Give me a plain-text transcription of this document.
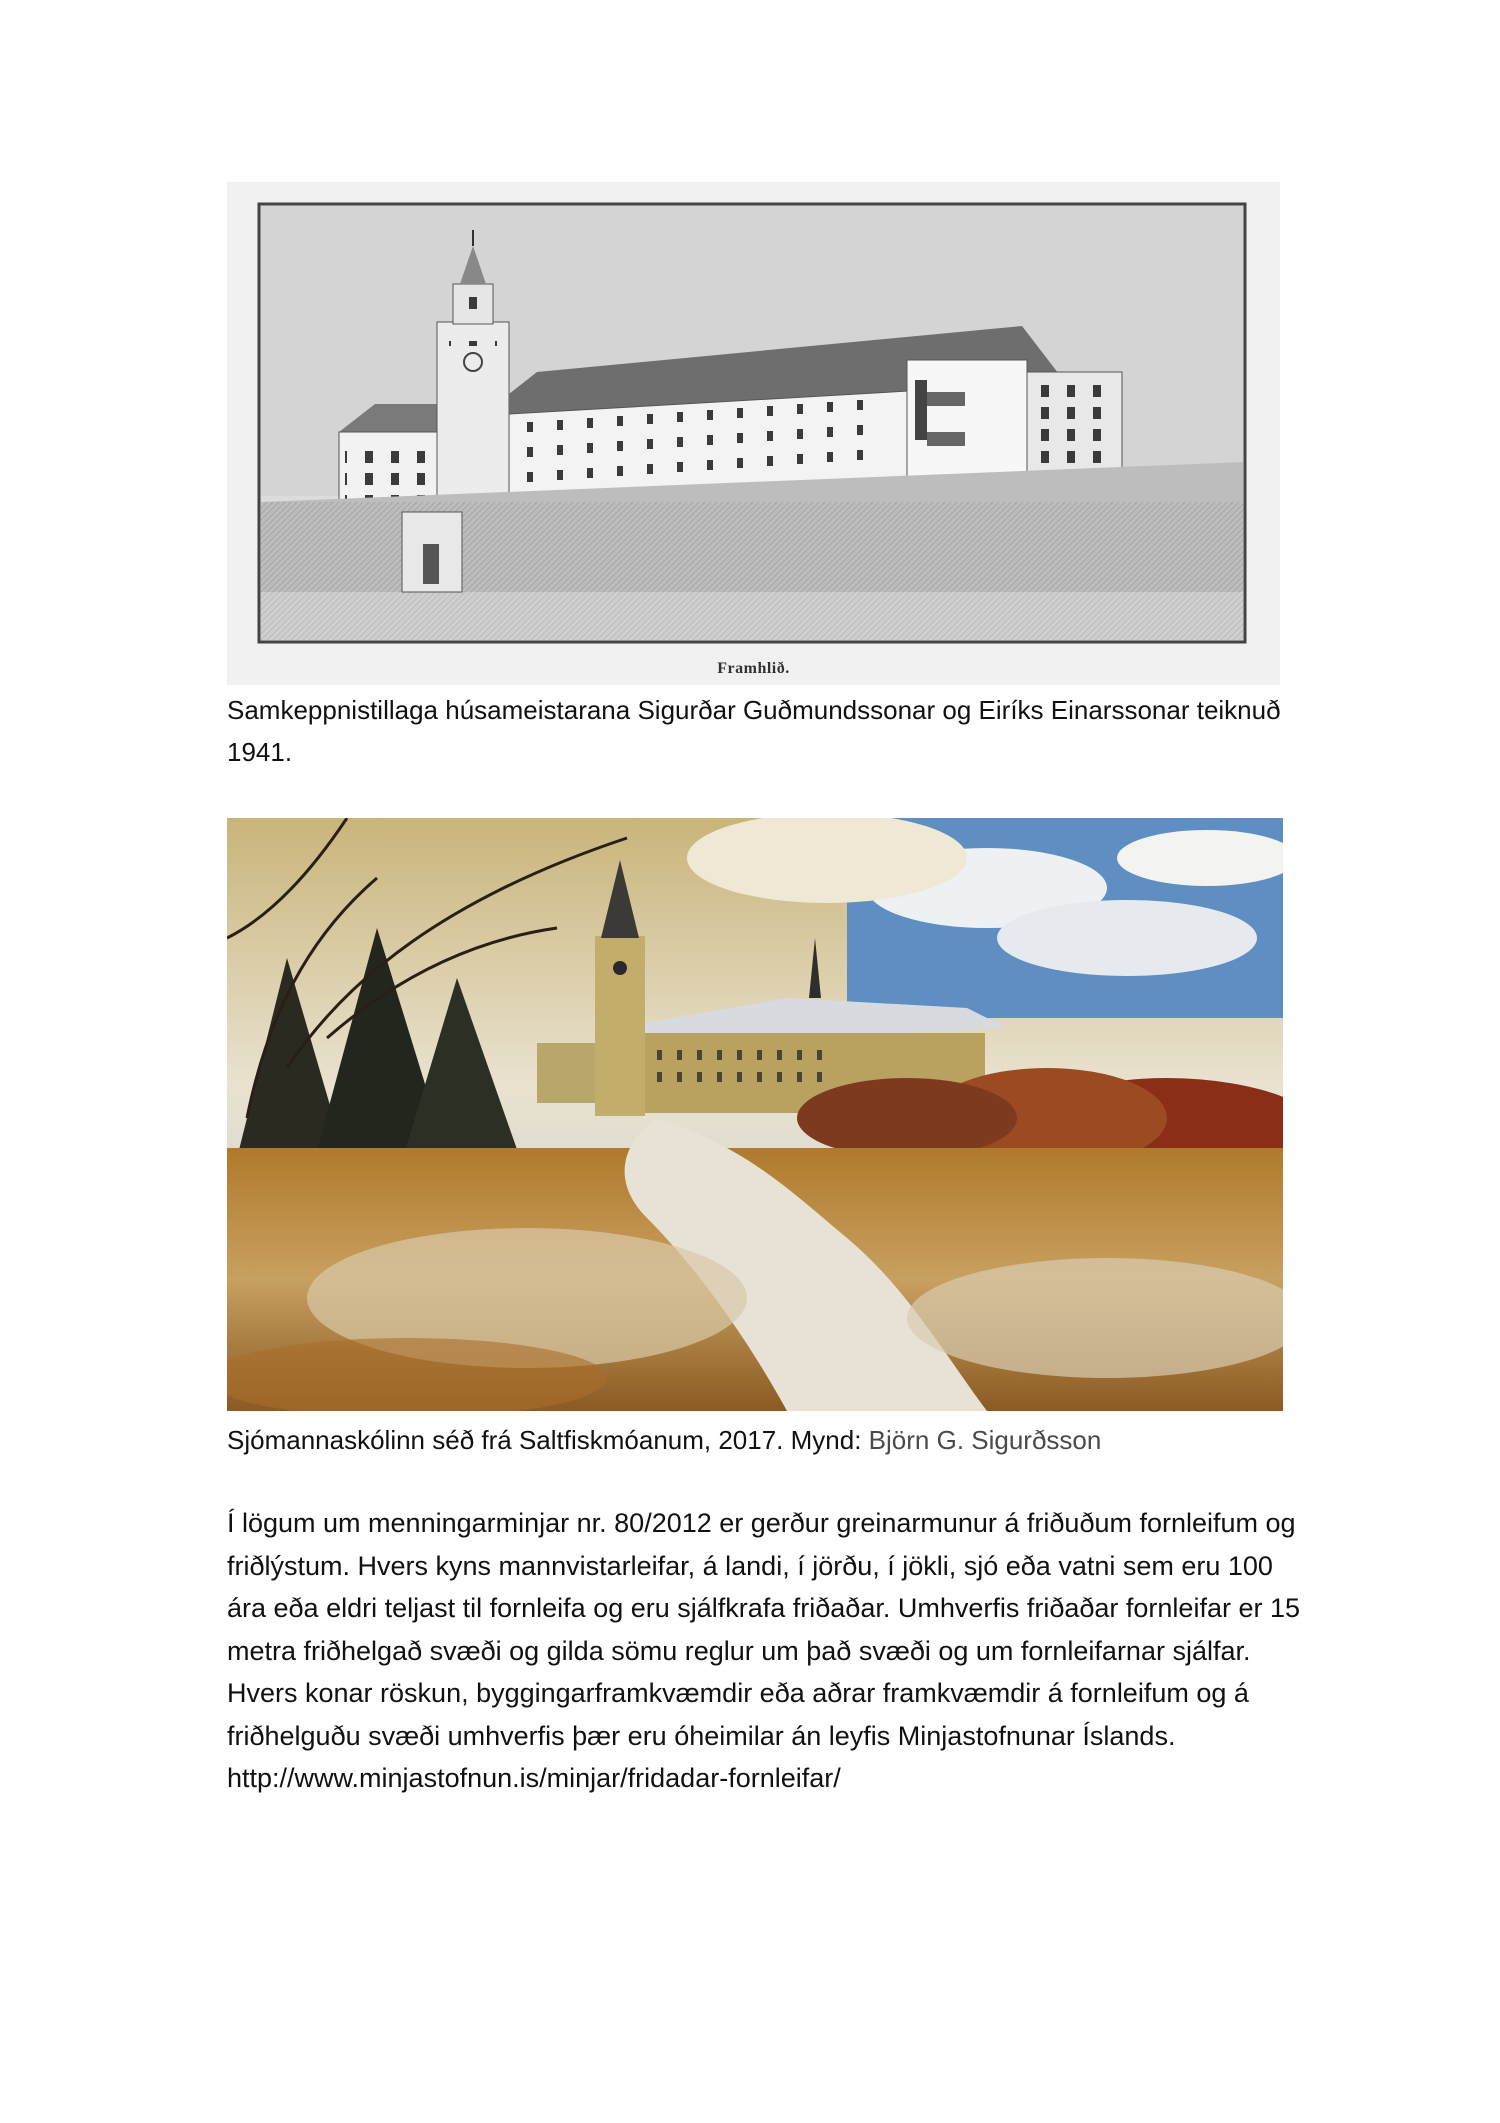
Framhlið.
Samkeppnistillaga húsameistarana Sigurðar Guðmundssonar og Eiríks Einarssonar teiknuð 1941.
Sjómannaskólinn séð frá Saltfiskmóanum, 2017. Mynd: Björn G. Sigurðsson

Í lögum um menningarminjar nr. 80/2012 er gerður greinarmunur á friðuðum fornleifum og friðlýstum. Hvers kyns mannvistarleifar, á landi, í jörðu, í jökli, sjó eða vatni sem eru 100 ára eða eldri teljast til fornleifa og eru sjálfkrafa friðaðar. Umhverfis friðaðar fornleifar er 15 metra friðhelgað svæði og gilda sömu reglur um það svæði og um fornleifarnar sjálfar. Hvers konar röskun, byggingarframkvæmdir eða aðrar framkvæmdir á fornleifum og á friðhelguðu svæði umhverfis þær eru óheimilar án leyfis Minjastofnunar Íslands.

http://www.minjastofnun.is/minjar/fridadar-fornleifar/
